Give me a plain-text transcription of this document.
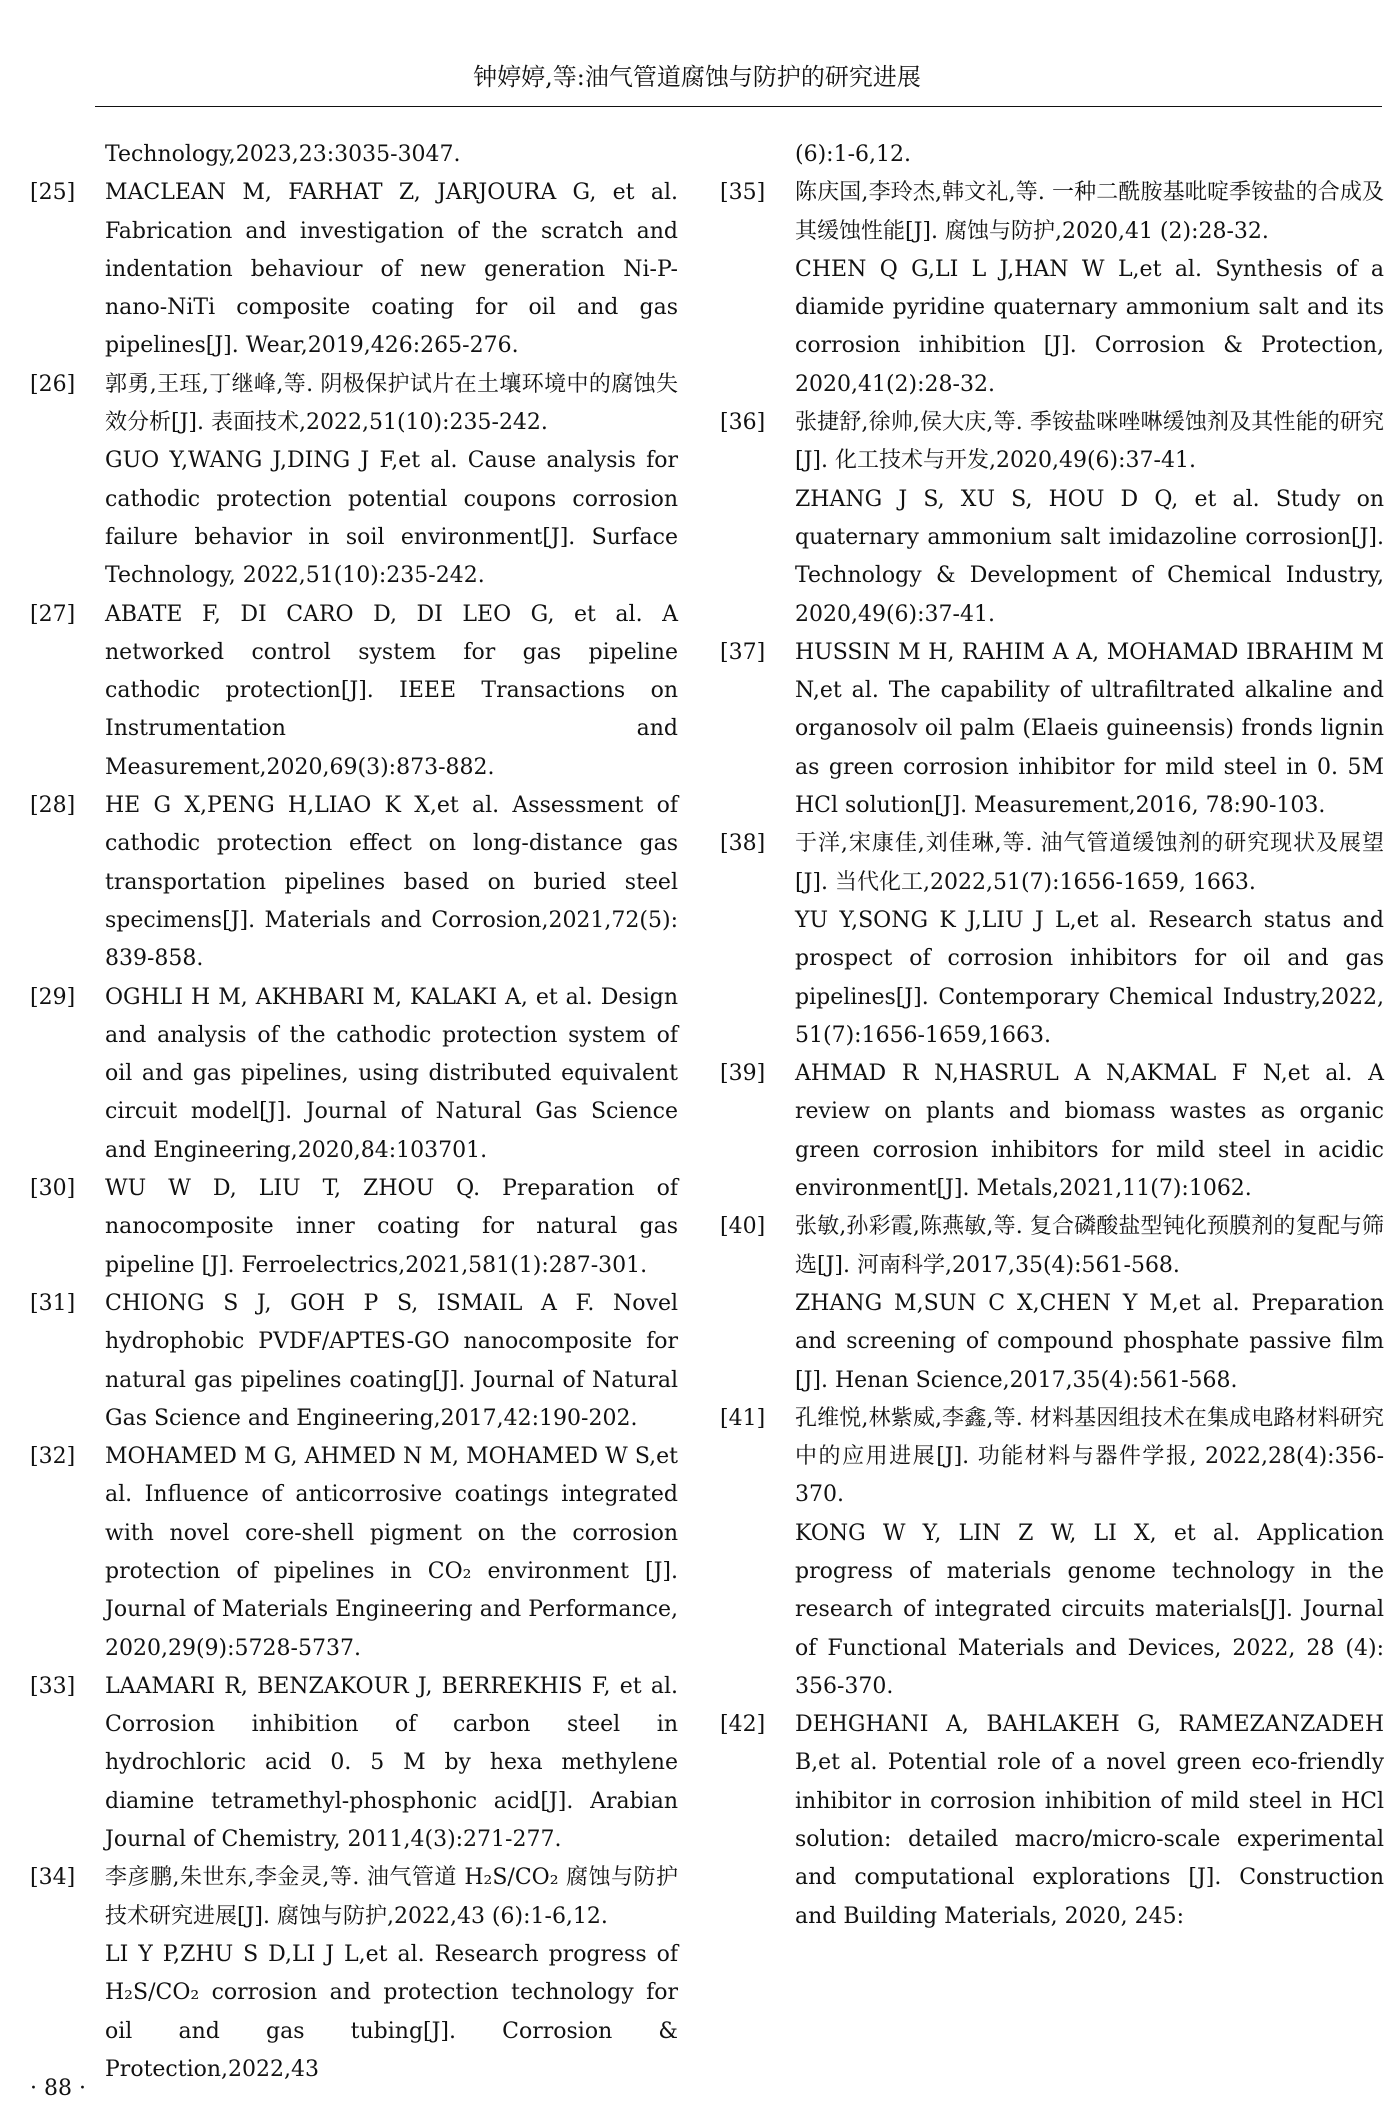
钟婷婷,等:油气管道腐蚀与防护的研究进展

Technology,2023,23:3035-3047.

[25]	MACLEAN M, FARHAT Z, JARJOURA G, et al. Fabrication and investigation of the scratch and indentation behaviour of new generation Ni-P-nano-NiTi composite coating for oil and gas pipelines[J]. Wear,2019,426:265-276.

[26]	郭勇,王珏,丁继峰,等. 阴极保护试片在土壤环境中的腐蚀失效分析[J]. 表面技术,2022,51(10):235-242.

GUO Y,WANG J,DING J F,et al. Cause analysis for cathodic protection potential coupons corrosion failure behavior in soil environment[J]. Surface Technology, 2022,51(10):235-242.

[27]	ABATE F, DI CARO D, DI LEO G, et al. A networked control system for gas pipeline cathodic protection[J]. IEEE Transactions on Instrumentation and Measurement,2020,69(3):873-882.

[28]	HE G X,PENG H,LIAO K X,et al. Assessment of cathodic protection effect on long-distance gas transportation pipelines based on buried steel specimens[J]. Materials and Corrosion,2021,72(5): 839-858.

[29]	OGHLI H M, AKHBARI M, KALAKI A, et al. Design and analysis of the cathodic protection system of oil and gas pipelines, using distributed equivalent circuit model[J]. Journal of Natural Gas Science and Engineering,2020,84:103701.

[30]	WU W D, LIU T, ZHOU Q. Preparation of nanocomposite inner coating for natural gas pipeline [J]. Ferroelectrics,2021,581(1):287-301.

[31]	CHIONG S J, GOH P S, ISMAIL A F. Novel hydrophobic PVDF/APTES-GO nanocomposite for natural gas pipelines coating[J]. Journal of Natural Gas Science and Engineering,2017,42:190-202.

[32]	MOHAMED M G, AHMED N M, MOHAMED W S,et al. Influence of anticorrosive coatings integrated with novel core-shell pigment on the corrosion protection of pipelines in CO₂ environment [J]. Journal of Materials Engineering and Performance, 2020,29(9):5728-5737.

[33]	LAAMARI R, BENZAKOUR J, BERREKHIS F, et al. Corrosion inhibition of carbon steel in hydrochloric acid 0. 5 M by hexa methylene diamine tetramethyl-phosphonic acid[J]. Arabian Journal of Chemistry, 2011,4(3):271-277.

[34]	李彦鹏,朱世东,李金灵,等. 油气管道 H₂S/CO₂ 腐蚀与防护技术研究进展[J]. 腐蚀与防护,2022,43 (6):1-6,12.

LI Y P,ZHU S D,LI J L,et al. Research progress of H₂S/CO₂ corrosion and protection technology for oil and gas tubing[J]. Corrosion & Protection,2022,43

(6):1-6,12.

[35]	陈庆国,李玲杰,韩文礼,等. 一种二酰胺基吡啶季铵盐的合成及其缓蚀性能[J]. 腐蚀与防护,2020,41 (2):28-32.

CHEN Q G,LI L J,HAN W L,et al. Synthesis of a diamide pyridine quaternary ammonium salt and its corrosion inhibition [J]. Corrosion & Protection, 2020,41(2):28-32.

[36]	张捷舒,徐帅,侯大庆,等. 季铵盐咪唑啉缓蚀剂及其性能的研究[J]. 化工技术与开发,2020,49(6):37-41.

ZHANG J S, XU S, HOU D Q, et al. Study on quaternary ammonium salt imidazoline corrosion[J]. Technology & Development of Chemical Industry, 2020,49(6):37-41.

[37]	HUSSIN M H, RAHIM A A, MOHAMAD IBRAHIM M N,et al. The capability of ultrafiltrated alkaline and organosolv oil palm (Elaeis guineensis) fronds lignin as green corrosion inhibitor for mild steel in 0. 5M HCl solution[J]. Measurement,2016, 78:90-103.

[38]	于洋,宋康佳,刘佳琳,等. 油气管道缓蚀剂的研究现状及展望[J]. 当代化工,2022,51(7):1656-1659, 1663.

YU Y,SONG K J,LIU J L,et al. Research status and prospect of corrosion inhibitors for oil and gas pipelines[J]. Contemporary Chemical Industry,2022, 51(7):1656-1659,1663.

[39]	AHMAD R N,HASRUL A N,AKMAL F N,et al. A review on plants and biomass wastes as organic green corrosion inhibitors for mild steel in acidic environment[J]. Metals,2021,11(7):1062.

[40]	张敏,孙彩霞,陈燕敏,等. 复合磷酸盐型钝化预膜剂的复配与筛选[J]. 河南科学,2017,35(4):561-568.

ZHANG M,SUN C X,CHEN Y M,et al. Preparation and screening of compound phosphate passive film [J]. Henan Science,2017,35(4):561-568.

[41]	孔维悦,林紫威,李鑫,等. 材料基因组技术在集成电路材料研究中的应用进展[J]. 功能材料与器件学报, 2022,28(4):356-370.

KONG W Y, LIN Z W, LI X, et al. Application progress of materials genome technology in the research of integrated circuits materials[J]. Journal of Functional Materials and Devices, 2022, 28 (4): 356-370.

[42]	DEHGHANI A, BAHLAKEH G, RAMEZANZADEH B,et al. Potential role of a novel green eco-friendly inhibitor in corrosion inhibition of mild steel in HCl solution: detailed macro/micro-scale experimental and computational explorations [J]. Construction and Building Materials, 2020, 245:

· 88 ·
